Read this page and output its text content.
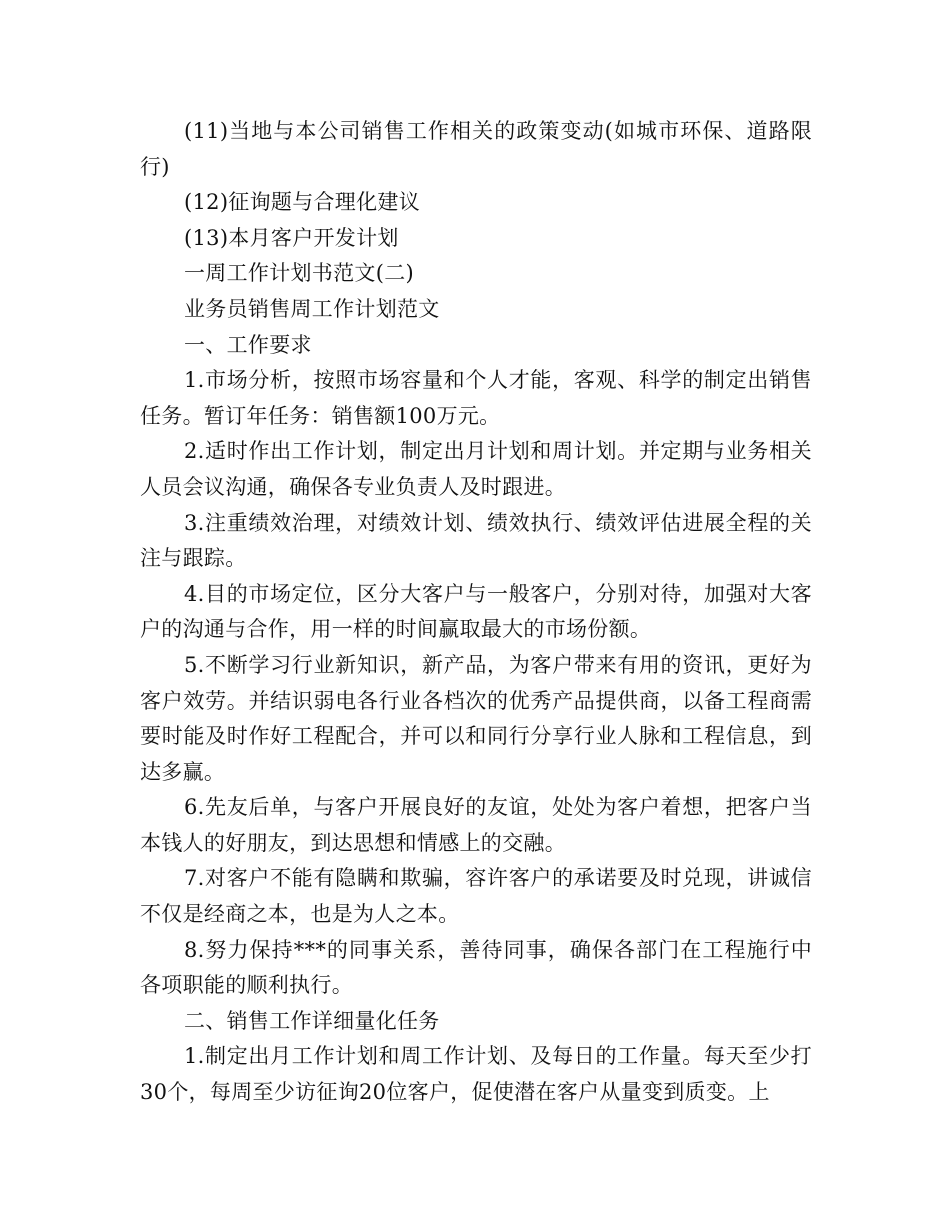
(11)当地与本公司销售工作相关的政策变动(如城市环保、道路限行)

(12)征询题与合理化建议

(13)本月客户开发计划

一周工作计划书范文(二)

业务员销售周工作计划范文

一、工作要求

1.市场分析，按照市场容量和个人才能，客观、科学的制定出销售任务。暂订年任务：销售额100万元。

2.适时作出工作计划，制定出月计划和周计划。并定期与业务相关人员会议沟通，确保各专业负责人及时跟进。

3.注重绩效治理，对绩效计划、绩效执行、绩效评估进展全程的关注与跟踪。

4.目的市场定位，区分大客户与一般客户，分别对待，加强对大客户的沟通与合作，用一样的时间赢取最大的市场份额。

5.不断学习行业新知识，新产品，为客户带来有用的资讯，更好为客户效劳。并结识弱电各行业各档次的优秀产品提供商，以备工程商需要时能及时作好工程配合，并可以和同行分享行业人脉和工程信息，到达多赢。

6.先友后单，与客户开展良好的友谊，处处为客户着想，把客户当本钱人的好朋友，到达思想和情感上的交融。

7.对客户不能有隐瞒和欺骗，容许客户的承诺要及时兑现，讲诚信不仅是经商之本，也是为人之本。

8.努力保持***的同事关系，善待同事，确保各部门在工程施行中各项职能的顺利执行。

二、销售工作详细量化任务

1.制定出月工作计划和周工作计划、及每日的工作量。每天至少打30个，每周至少访征询20位客户，促使潜在客户从量变到质变。上
